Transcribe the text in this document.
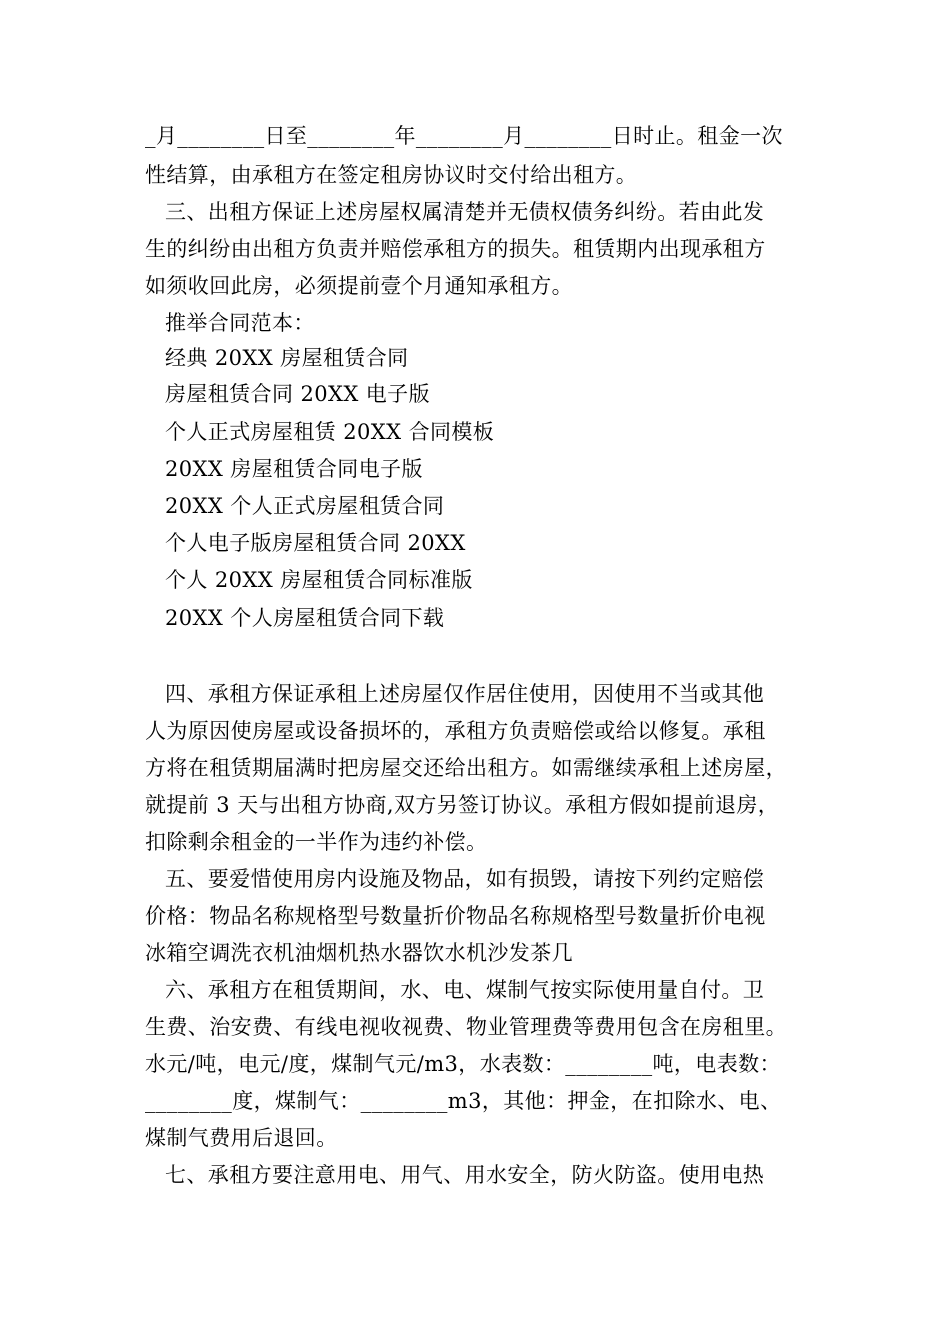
_月________日至________年________月________日时止。租金一次
性结算，由承租方在签定租房协议时交付给出租方。
三、出租方保证上述房屋权属清楚并无债权债务纠纷。若由此发
生的纠纷由出租方负责并赔偿承租方的损失。租赁期内出现承租方
如须收回此房，必须提前壹个月通知承租方。
推举合同范本：
经典 20XX 房屋租赁合同
房屋租赁合同 20XX 电子版
个人正式房屋租赁 20XX 合同模板
20XX 房屋租赁合同电子版
20XX 个人正式房屋租赁合同
个人电子版房屋租赁合同 20XX
个人 20XX 房屋租赁合同标准版
20XX 个人房屋租赁合同下载
四、承租方保证承租上述房屋仅作居住使用，因使用不当或其他
人为原因使房屋或设备损坏的，承租方负责赔偿或给以修复。承租
方将在租赁期届满时把房屋交还给出租方。如需继续承租上述房屋，
就提前 3 天与出租方协商,双方另签订协议。承租方假如提前退房，
扣除剩余租金的一半作为违约补偿。
五、要爱惜使用房内设施及物品，如有损毁，请按下列约定赔偿
价格：物品名称规格型号数量折价物品名称规格型号数量折价电视
冰箱空调洗衣机油烟机热水器饮水机沙发茶几
六、承租方在租赁期间，水、电、煤制气按实际使用量自付。卫
生费、治安费、有线电视收视费、物业管理费等费用包含在房租里。
水元/吨，电元/度，煤制气元/m3，水表数：________吨，电表数：
________度，煤制气：________m3，其他：押金，在扣除水、电、
煤制气费用后退回。
七、承租方要注意用电、用气、用水安全，防火防盗。使用电热
